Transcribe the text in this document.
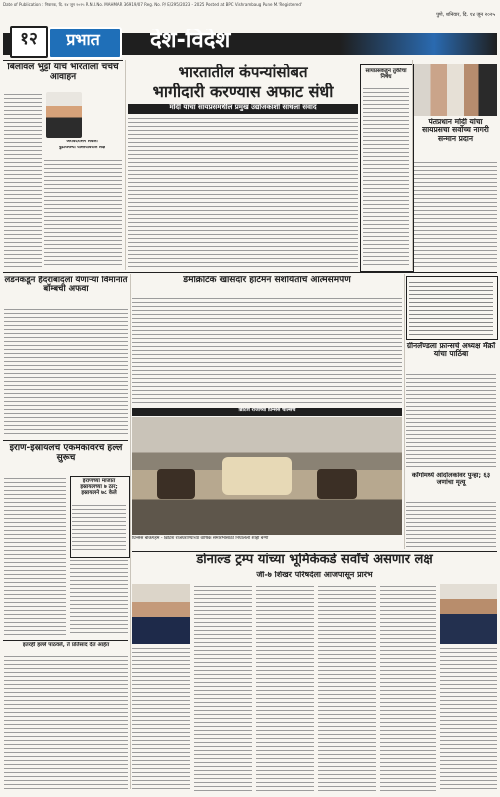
Date of Publication : निवारक, दि. १४ जून २०२५ R.N.I.No. MAHMAR 36919/07 Reg. No. P/ E/295/2023 - 2025 Posted at BPC Vishrambaug Pune M.'Registered'
१२	प्रभात	देश-विदेश
पुणे, शनिवार, दि. १४ जून २०२५
भारतातील कंपन्यांसोबत
भागीदारी करण्यास अफाट संधी
मोदी यांचा सायप्रसमधील प्रमुख उद्योजकांशी साधला संवाद
बिलावल भुट्टो यांचे भारताला चर्चेचे आवाहन
अरविंदरसिंग लवली
पुढारलेल्या वास्तवावरील लक्ष
सायप्रसकडून तुर्कीचा निषेध
पंतप्रधान मोदी यांचा सायप्रसचा सर्वोच्च नागरी सन्मान प्रदान
लंडनकडून हैदराबादला येणाऱ्या विमानात बॉम्बची अफवा
डेमोक्रॅटिक खासदार हॉर्टमॅन संशयिताचे आत्मसमर्पण
ग्रीनलॅण्डला फ्रान्सचे अध्यक्ष मॅक्रॉ यांचा पाठिंबा
ब्रिटिश राजाच्या प्रिन्सेस चार्ल्सचे
प्रिन्सेस बॅकिंगहॅम - ब्रिटिश राजघराण्याच्या वार्षिक समारंभासाठी निघालेली शाही बग्गी
इराण-इस्रायलचे एकमेकांवरचे हल्ले सुरूच
इराणच्या माजात इस्रायलच्या ७ ठार; इस्रायलने ७८ केले
काँगोमध्ये आंदोलकांवर पुन्हा; ६३ जणांचा मृत्यू
डोनाल्ड ट्रम्प यांच्या भूमिकेकडे सर्वांचे असणार लक्ष
जी-७ शिखर परिषदेला आजपासून प्रारंभ
इतरही हल्ले पाठवले, ते प्रतिसाद देत आहेत
